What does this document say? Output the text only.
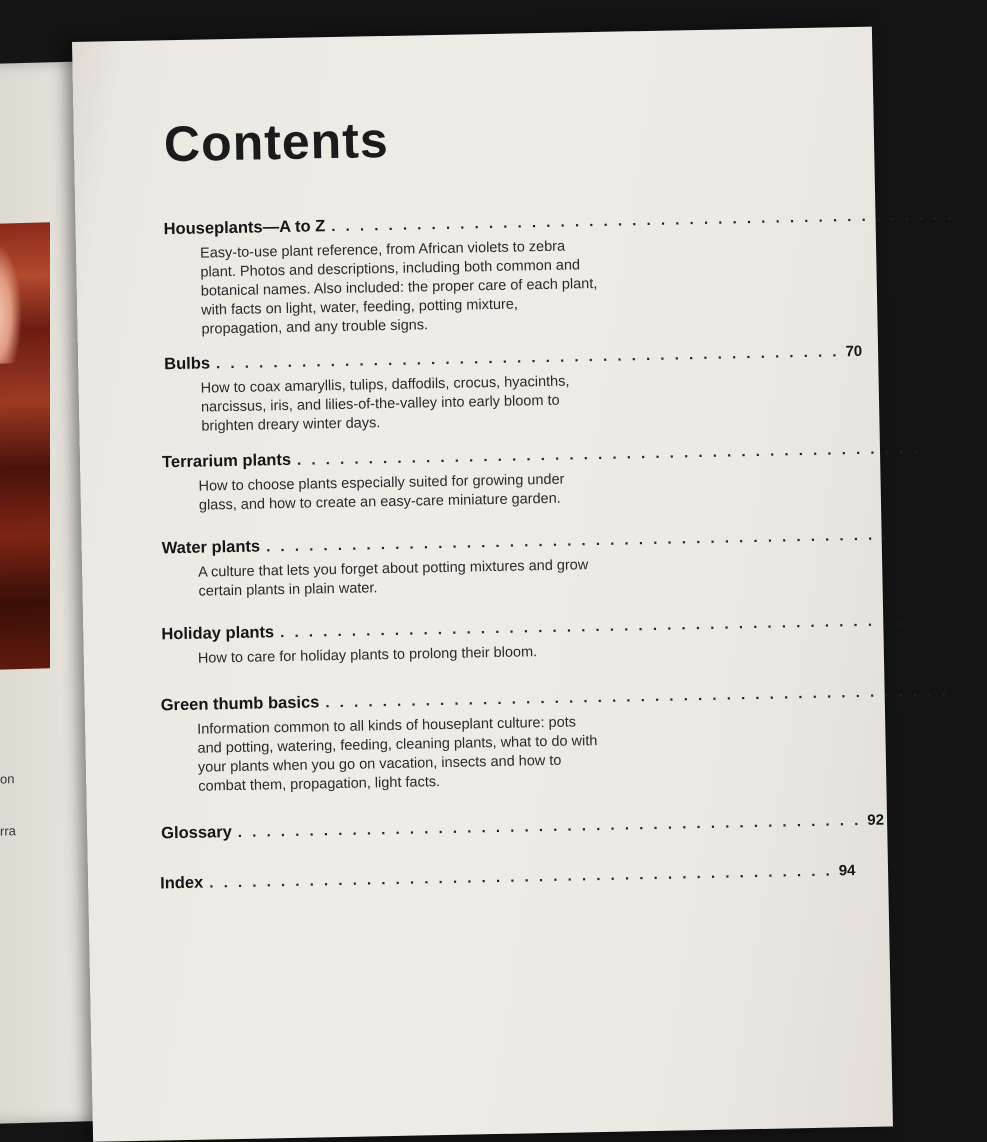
on
rra
Contents
Houseplants—A to Z . . . . . . . . . . . . . . . . . . . . . . . . . . . . . . . . . . . . . . . . . . . . 6
Easy-to-use plant reference, from African violets to zebra plant. Photos and descriptions, including both common and botanical names. Also included: the proper care of each plant, with facts on light, water, feeding, potting mixture, propagation, and any trouble signs.
Bulbs . . . . . . . . . . . . . . . . . . . . . . . . . . . . . . . . . . . . . . . . . . . . 70
How to coax amaryllis, tulips, daffodils, crocus, hyacinths, narcissus, iris, and lilies-of-the-valley into early bloom to brighten dreary winter days.
Terrarium plants . . . . . . . . . . . . . . . . . . . . . . . . . . . . . . . . . . . . . . . . . . . . 74
How to choose plants especially suited for growing under glass, and how to create an easy-care miniature garden.
Water plants . . . . . . . . . . . . . . . . . . . . . . . . . . . . . . . . . . . . . . . . . . . . 76
A culture that lets you forget about potting mixtures and grow certain plants in plain water.
Holiday plants . . . . . . . . . . . . . . . . . . . . . . . . . . . . . . . . . . . . . . . . . . . . 78
How to care for holiday plants to prolong their bloom.
Green thumb basics . . . . . . . . . . . . . . . . . . . . . . . . . . . . . . . . . . . . . . . . . . . . 80
Information common to all kinds of houseplant culture: pots and potting, watering, feeding, cleaning plants, what to do with your plants when you go on vacation, insects and how to combat them, propagation, light facts.
Glossary . . . . . . . . . . . . . . . . . . . . . . . . . . . . . . . . . . . . . . . . . . . . 92
Index . . . . . . . . . . . . . . . . . . . . . . . . . . . . . . . . . . . . . . . . . . . . 94
